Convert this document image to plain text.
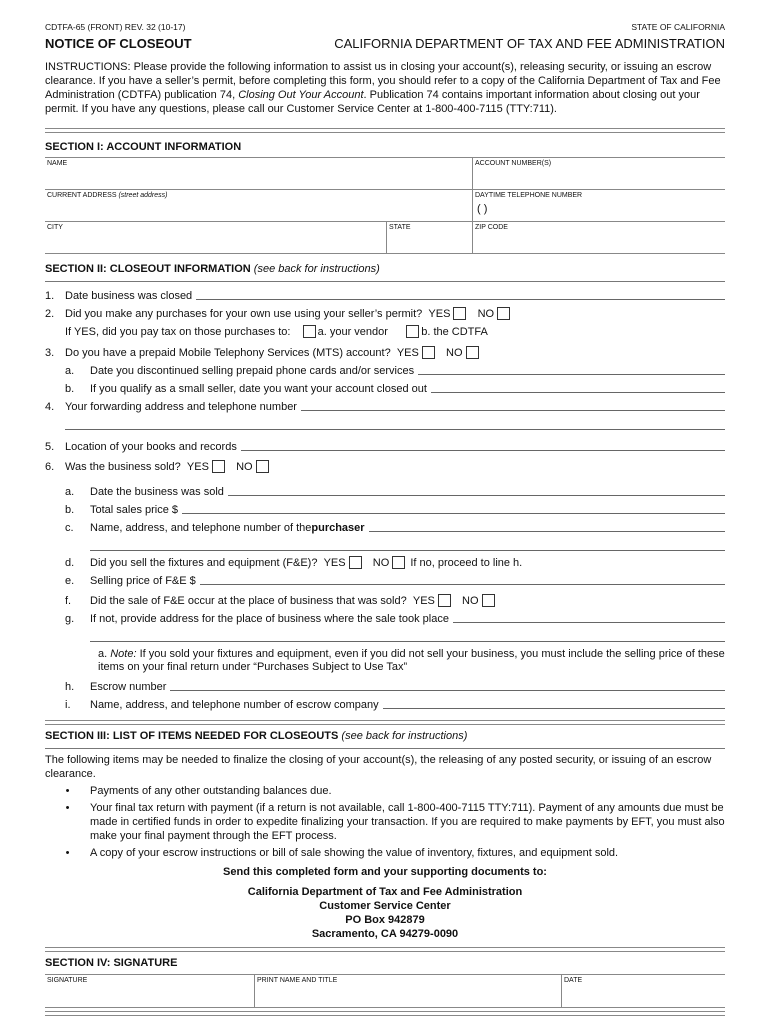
CDTFA-65 (FRONT) REV. 32 (10-17)	STATE OF CALIFORNIA
NOTICE OF CLOSEOUT	CALIFORNIA DEPARTMENT OF TAX AND FEE ADMINISTRATION
INSTRUCTIONS: Please provide the following information to assist us in closing your account(s), releasing security, or issuing an escrow clearance. If you have a seller’s permit, before completing this form, you should refer to a copy of the California Department of Tax and Fee Administration (CDTFA) publication 74, Closing Out Your Account. Publication 74 contains important information about closing out your permit. If you have any questions, please call our Customer Service Center at 1-800-400-7115 (TTY:711).
SECTION I: ACCOUNT INFORMATION
NAME	ACCOUNT NUMBER(S)
CURRENT ADDRESS (street address)	DAYTIME TELEPHONE NUMBER
( )
CITY	STATE	ZIP CODE
SECTION II: CLOSEOUT INFORMATION (see back for instructions)
1. Date business was closed
2. Did you make any purchases for your own use using your seller’s permit?
YES
NO
If YES, did you pay tax on those purchases to:
a. your vendor
	b. the CDTFA
3. Do you have a prepaid Mobile Telephony Services (MTS) account?
YES
NO
a.	Date you discontinued selling prepaid phone cards and/or services
b.	If you qualify as a small seller, date you want your account closed out
4. Your forwarding address and telephone number
5. Location of your books and records
6. Was the business sold?
YES
NO
a.	Date the business was sold
b.	Total sales price $
c.	Name, address, and telephone number of the purchaser
d.	Did you sell the fixtures and equipment (F&E)?
YES
NO
If no, proceed to line h.
e.	Selling price of F&E $
f.	Did the sale of F&E occur at the place of business that was sold?
YES
NO
g.	If not, provide address for the place of business where the sale took place
a. Note: If you sold your fixtures and equipment, even if you did not sell your business, you must include the selling price of these items on your final return under “Purchases Subject to Use Tax”
h.	Escrow number
i.	Name, address, and telephone number of escrow company
SECTION III: LIST OF ITEMS NEEDED FOR CLOSEOUTS (see back for instructions)
The following items may be needed to finalize the closing of your account(s), the releasing of any posted security, or issuing of an escrow clearance.
•	Payments of any other outstanding balances due.
•	Your final tax return with payment (if a return is not available, call 1-800-400-7115 TTY:711). Payment of any amounts due must be made in certified funds in order to expedite finalizing your transaction. If you are required to make payments by EFT, you must also make your final payment through the EFT process.
•	A copy of your escrow instructions or bill of sale showing the value of inventory, fixtures, and equipment sold.
Send this completed form and your supporting documents to:
California Department of Tax and Fee Administration
Customer Service Center
PO Box 942879
Sacramento, CA 94279-0090
SECTION IV: SIGNATURE
SIGNATURE	PRINT NAME AND TITLE	DATE
